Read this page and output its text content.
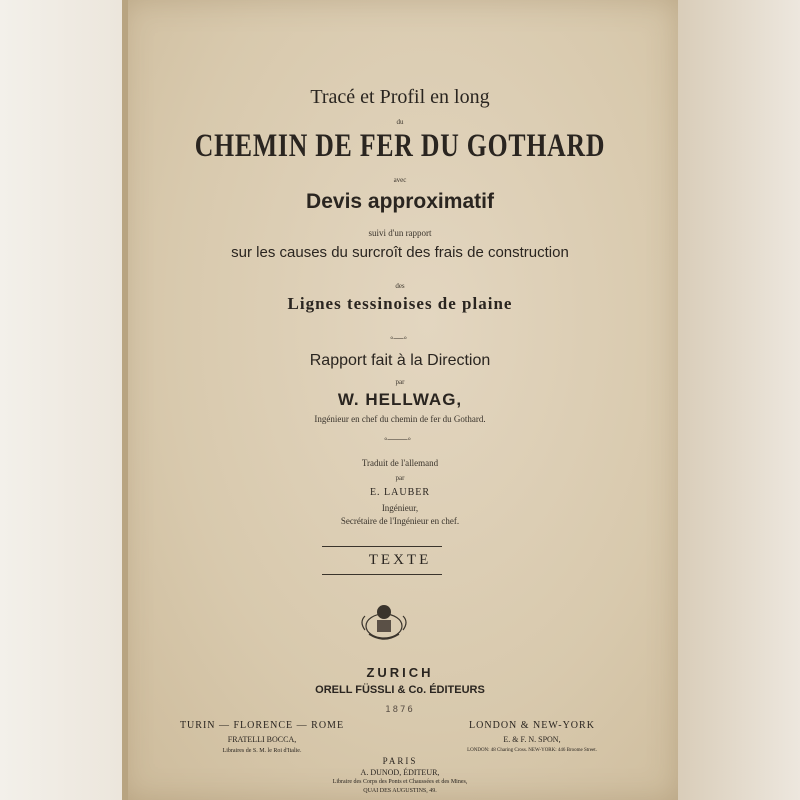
Tracé et Profil en long
du
CHEMIN DE FER DU GOTHARD
avec
Devis approximatif
suivi d'un rapport
sur les causes du surcroît des frais de construction
des
Lignes tessinoises de plaine
◦—◦
Rapport fait à la Direction
par
W. HELLWAG,
Ingénieur en chef du chemin de fer du Gothard.
◦——◦
Traduit de l'allemand
par
E. LAUBER
Ingénieur,
Secrétaire de l'Ingénieur en chef.
TEXTE
ZURICH
ORELL FÜSSLI & Co. ÉDITEURS
1876
TURIN — FLORENCE — ROME
FRATELLI BOCCA,
Libraires de S. M. le Roi d'Italie.
LONDON & NEW-YORK
E. & F. N. SPON,
LONDON: 48 Charing Cross. NEW-YORK: 446 Broome Street.
PARIS
A. DUNOD, ÉDITEUR,
Libraire des Corps des Ponts et Chaussées et des Mines,
QUAI DES AUGUSTINS, 49.
